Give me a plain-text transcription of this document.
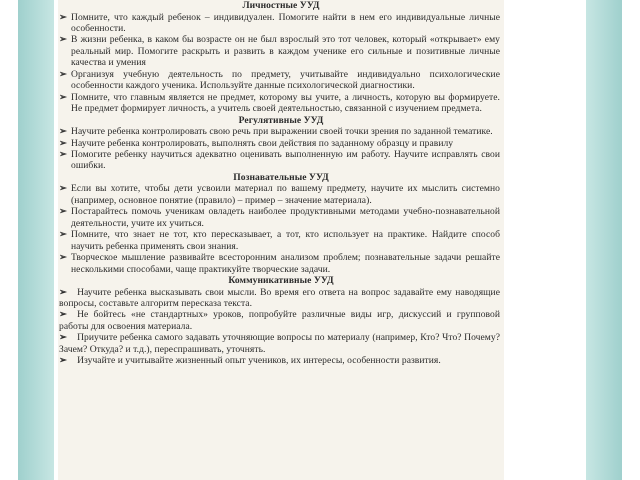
Личностные УУД
➢ Помните, что каждый ребенок – индивидуален. Помогите найти в нем его индивидуальные личные особенности.
➢ В жизни ребенка, в каком бы возрасте он не был взрослый это тот человек, который «открывает» ему реальный мир. Помогите раскрыть и развить в каждом ученике его сильные и позитивные личные качества и умения
➢ Организуя учебную деятельность по предмету, учитывайте индивидуально психологические особенности каждого ученика. Используйте данные психологической диагностики.
➢ Помните, что главным является не предмет, которому вы учите, а личность, которую вы формируете. Не предмет формирует личность, а учитель своей деятельностью, связанной с изучением предмета.
Регулятивные УУД
➢ Научите ребенка контролировать свою речь при выражении своей точки зрения по заданной тематике.
➢ Научите ребенка контролировать, выполнять свои действия по заданному образцу и правилу
➢ Помогите ребенку научиться адекватно оценивать выполненную им работу. Научите исправлять свои ошибки.
Познавательные УУД
➢ Если вы хотите, чтобы дети усвоили материал по вашему предмету, научите их мыслить системно (например, основное понятие (правило) – пример – значение материала).
➢ Постарайтесь помочь ученикам овладеть наиболее продуктивными методами учебно-познавательной деятельности, учите их учиться.
➢ Помните, что знает не тот, кто пересказывает, а тот, кто использует на практике. Найдите способ научить ребенка применять свои знания.
➢ Творческое мышление развивайте всесторонним анализом проблем; познавательные задачи решайте несколькими способами, чаще практикуйте творческие задачи.
Коммуникативные УУД
➢ Научите ребенка высказывать свои мысли. Во время его ответа на вопрос задавайте ему наводящие вопросы, составьте алгоритм пересказа текста.
➢ Не бойтесь «не стандартных» уроков, попробуйте различные виды игр, дискуссий и групповой работы для освоения материала.
➢ Приучите ребенка самого задавать уточняющие вопросы по материалу (например, Кто? Что? Почему? Зачем? Откуда? и т.д.), переспрашивать, уточнять.
➢ Изучайте и учитывайте жизненный опыт учеников, их интересы, особенности развития.
